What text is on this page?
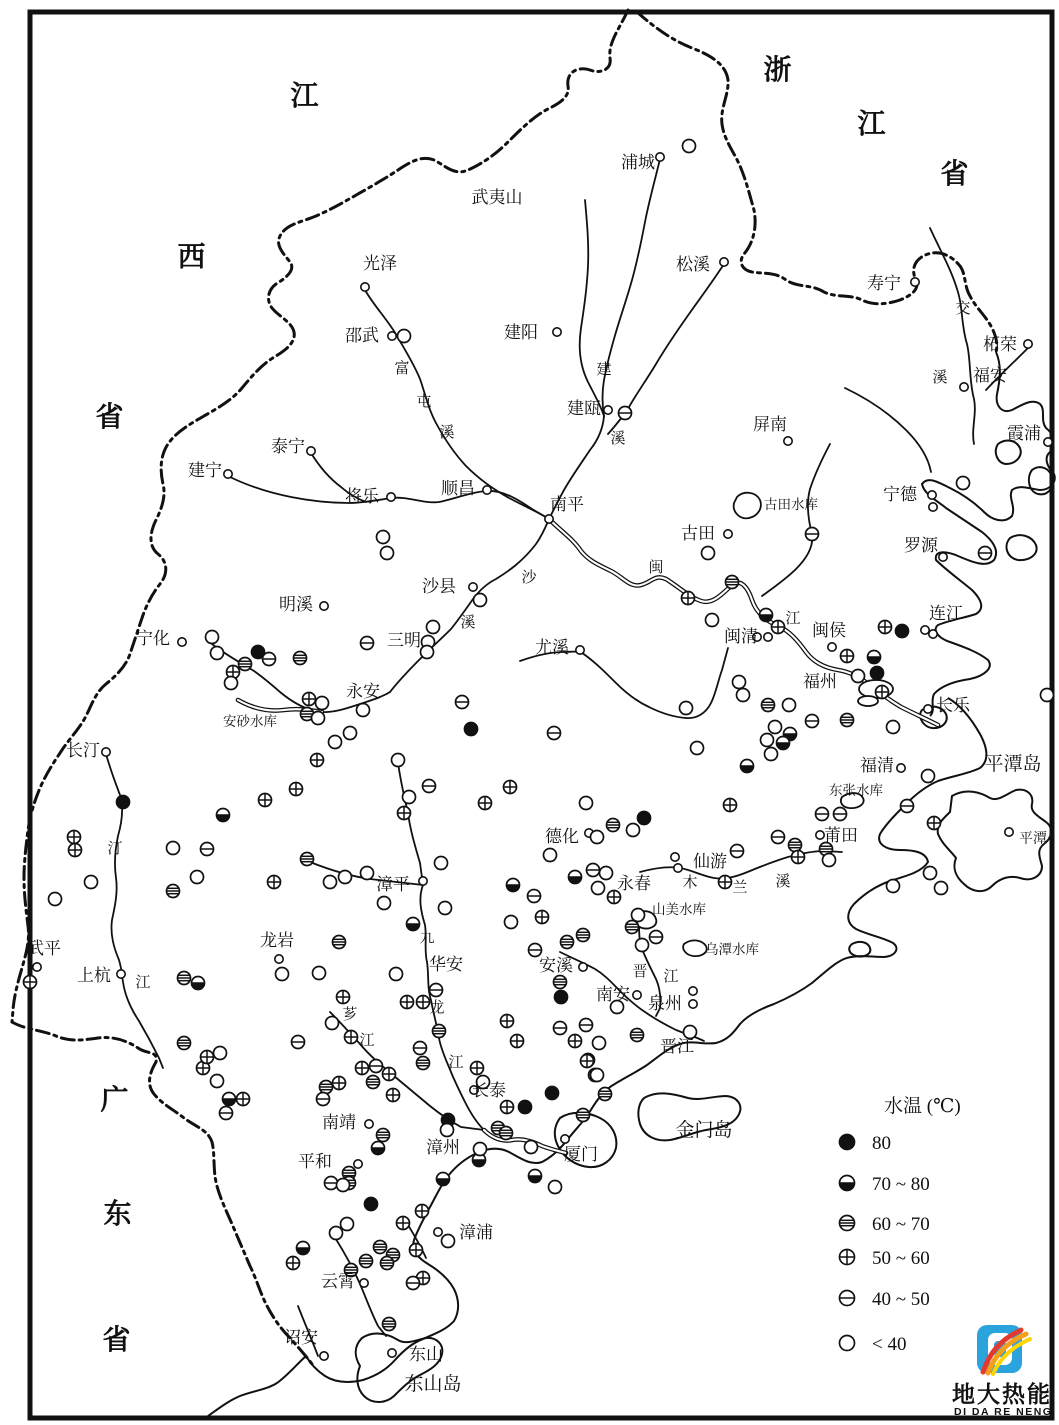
江
西
省
浙
江
省
广
东
省
浦城
武夷山
松溪
寿宁
柘荣
福安
霞浦
光泽
邵武	建阳
建瓯
泰宁
建宁
将乐	顺昌
南平
屏南
古田
宁德
罗源
连江
闽侯
闽清
福州
长乐
福清
平潭
莆田
仙游
德化
永春
安溪
南安 泉州
晋江
厦门
长泰
漳州
南靖
平和
漳浦
云霄
诏安
东山
宁化
明溪
三明
沙县
尤溪
永安
长汀
武平
上杭
龙岩
漳平
华安
平潭岛
金门岛
东山岛
古田水库
安砂水库
东张水库
山美水库
乌潭水库
富
屯
溪
建
溪
沙
溪
闽
江
交
溪
汀
江
九
龙
江
芗
江
晋 江
木 兰 溪
水温 (℃)
80
70 ~ 80
60 ~ 70
50 ~ 60
40 ~ 50
< 40
地大热能
DI DA RE NENG
